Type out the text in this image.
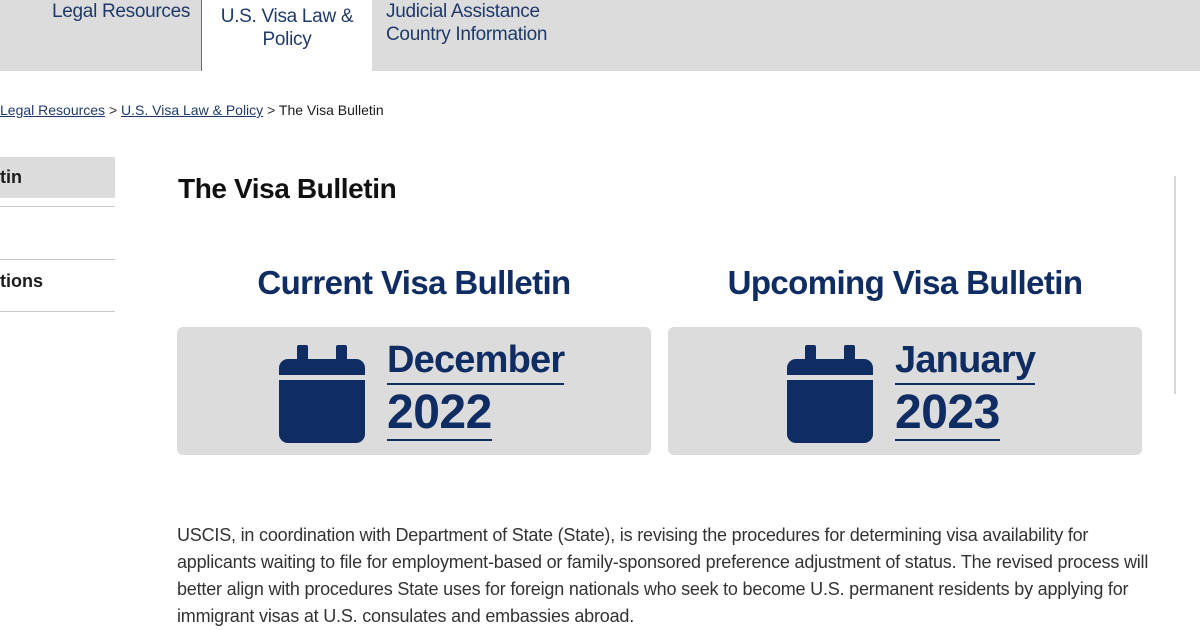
Legal Resources	U.S. Visa Law &
Policy
Judicial Assistance
Country Information
Legal Resources > U.S. Visa Law & Policy > The Visa Bulletin
tin
tions
The Visa Bulletin
Current Visa Bulletin	Upcoming Visa Bulletin
December
2022
January
2023

USCIS, in coordination with Department of State (State), is revising the procedures for determining visa availability for applicants waiting to file for employment-based or family-sponsored preference adjustment of status. The revised process will better align with procedures State uses for foreign nationals who seek to become U.S. permanent residents by applying for immigrant visas at U.S. consulates and embassies abroad.
